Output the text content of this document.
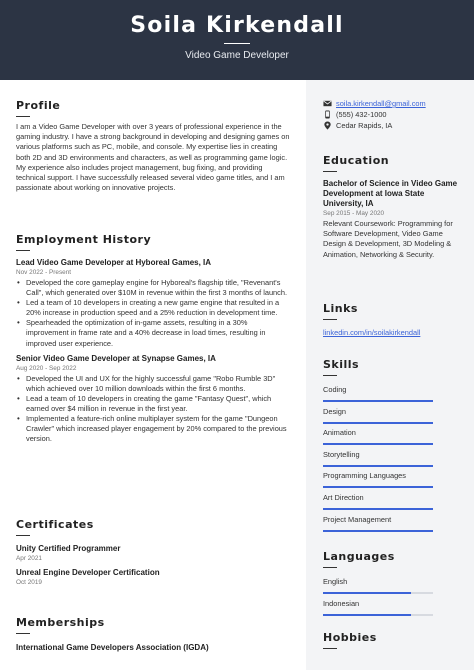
Soila Kirkendall
Video Game Developer
Profile
I am a Video Game Developer with over 3 years of professional experience in the gaming industry. I have a strong background in developing and designing games on various platforms such as PC, mobile, and console. My expertise lies in creating both 2D and 3D environments and characters, as well as programming game logic. My experience also includes project management, bug fixing, and providing technical support. I have successfully released several video game titles, and I am passionate about working on innovative projects.
Employment History
Lead Video Game Developer at Hyboreal Games, IA
Nov 2022 - Present
• Developed the core gameplay engine for Hyboreal's flagship title, "Revenant's Call", which generated over $10M in revenue within the first 3 months of launch.
• Led a team of 10 developers in creating a new game engine that resulted in a 20% increase in production speed and a 25% reduction in development time.
• Spearheaded the optimization of in-game assets, resulting in a 30% improvement in frame rate and a 40% decrease in load times, resulting in improved user experience.
Senior Video Game Developer at Synapse Games, IA
Aug 2020 - Sep 2022
• Developed the UI and UX for the highly successful game "Robo Rumble 3D" which achieved over 10 million downloads within the first 6 months.
• Lead a team of 10 developers in creating the game "Fantasy Quest", which earned over $4 million in revenue in the first year.
• Implemented a feature-rich online multiplayer system for the game "Dungeon Crawler" which increased player engagement by 20% compared to the previous version.
Certificates
Unity Certified Programmer
Apr 2021
Unreal Engine Developer Certification
Oct 2019
Memberships
International Game Developers Association (IGDA)
soila.kirkendall@gmail.com
(555) 432-1000
Cedar Rapids, IA
Education
Bachelor of Science in Video Game Development at Iowa State University, IA
Sep 2015 - May 2020
Relevant Coursework: Programming for Software Development, Video Game Design & Development, 3D Modeling & Animation, Networking & Security.
Links
linkedin.com/in/soilakirkendall
Skills
Coding
Design
Animation
Storytelling
Programming Languages
Art Direction
Project Management
Languages
English
Indonesian
Hobbies
